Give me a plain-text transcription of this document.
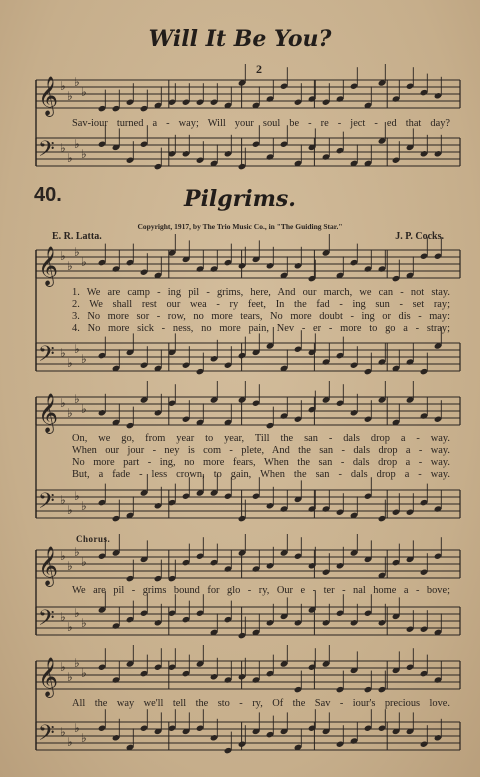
Will It Be You?
2
𝄞 ♭
♭
♭
♭
𝄢 ♭
♭
♭
♭
𝄞 ♭
♭
♭
♭
𝄢 ♭
♭
♭
♭
𝄞 ♭
♭
♭
♭
𝄢 ♭
♭
♭
♭
𝄞 ♭
♭
♭
♭
𝄢 ♭
♭
♭
♭
𝄞 ♭
♭
♭
♭
𝄢 ♭
♭
♭
♭
Sav-iour turned a - way; Will your soul be - re - ject - ed that day?
40.	Pilgrims.
Copyright, 1917, by The Trio Music Co., in "The Guiding Star."
E. R. Latta.	J. P. Cocks.
1. We are camp - ing pil - grims, here, And our march, we can - not stay.
2. We shall rest our wea - ry feet, In the fad - ing sun - set ray;
3. No more sor - row, no more tears, No more doubt - ing or dis - may:
4. No more sick - ness, no more pain, Nev - er - more to go a - stray;
On, we go, from year to year, Till the san - dals drop a - way.
When our jour - ney is com - plete, And the san - dals drop a - way.
No more part - ing, no more fears, When the san - dals drop a - way.
But, a fade - less crown, to gain, When the san - dals drop a - way.
Chorus.
We are pil - grims bound for glo - ry, Our e - ter - nal home a - bove;
All the way we'll tell the sto - ry, Of the Sav - iour's precious love.
